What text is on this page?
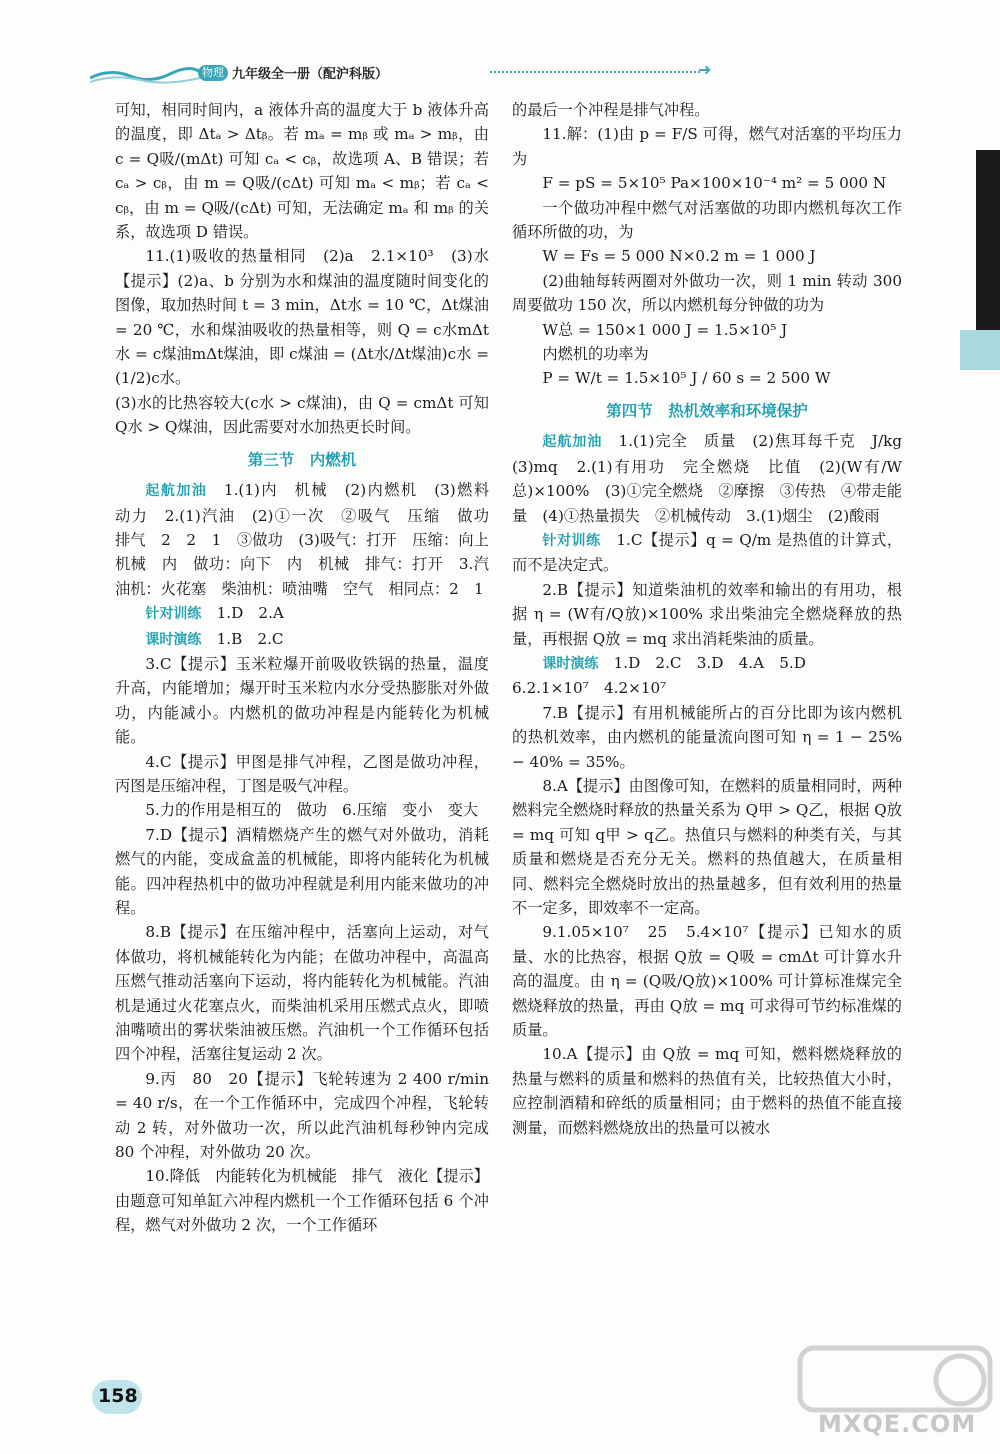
物理 九年级全一册（配沪科版）	➜

可知，相同时间内，a 液体升高的温度大于 b 液体升高的温度，即 Δtₐ > Δtᵦ。若 mₐ = mᵦ 或 mₐ > mᵦ，由 c = Q吸/(mΔt) 可知 cₐ < cᵦ，故选项 A、B 错误；若 cₐ > cᵦ，由 m = Q吸/(cΔt) 可知 mₐ < mᵦ；若 cₐ < cᵦ，由 m = Q吸/(cΔt) 可知，无法确定 mₐ 和 mᵦ 的关系，故选项 D 错误。

11.(1)吸收的热量相同　(2)a　2.1×10³　(3)水【提示】(2)a、b 分别为水和煤油的温度随时间变化的图像，取加热时间 t = 3 min，Δt水 = 10 ℃，Δt煤油 = 20 ℃，水和煤油吸收的热量相等，则 Q = c水mΔt水 = c煤油mΔt煤油，即 c煤油 = (Δt水/Δt煤油)c水 = (1/2)c水。

(3)水的比热容较大(c水 > c煤油)，由 Q = cmΔt 可知 Q水 > Q煤油，因此需要对水加热更长时间。

第三节　内燃机

起航加油　 1.(1)内　机械　(2)内燃机　(3)燃料　动力　2.(1)汽油　(2)①一次　②吸气　压缩　做功　排气　2　2　1　③做功　(3)吸气：打开　压缩：向上　机械　内　做功：向下　内　机械　排气：打开　3.汽油机：火花塞　柴油机：喷油嘴　空气　相同点：2　1

针对训练　 1.D　2.A

课时演练　 1.B　2.C

3.C【提示】玉米粒爆开前吸收铁锅的热量，温度升高，内能增加；爆开时玉米粒内水分受热膨胀对外做功，内能减小。内燃机的做功冲程是内能转化为机械能。

4.C【提示】甲图是排气冲程，乙图是做功冲程，丙图是压缩冲程，丁图是吸气冲程。

5.力的作用是相互的　做功　6.压缩　变小　变大

7.D【提示】酒精燃烧产生的燃气对外做功，消耗燃气的内能，变成盒盖的机械能，即将内能转化为机械能。四冲程热机中的做功冲程就是利用内能来做功的冲程。

8.B【提示】在压缩冲程中，活塞向上运动，对气体做功，将机械能转化为内能；在做功冲程中，高温高压燃气推动活塞向下运动，将内能转化为机械能。汽油机是通过火花塞点火，而柴油机采用压燃式点火，即喷油嘴喷出的雾状柴油被压燃。汽油机一个工作循环包括四个冲程，活塞往复运动 2 次。

9.丙　80　20【提示】飞轮转速为 2 400 r/min = 40 r/s，在一个工作循环中，完成四个冲程，飞轮转动 2 转，对外做功一次，所以此汽油机每秒钟内完成 80 个冲程，对外做功 20 次。

10.降低　内能转化为机械能　排气　液化【提示】由题意可知单缸六冲程内燃机一个工作循环包括 6 个冲程，燃气对外做功 2 次，一个工作循环

的最后一个冲程是排气冲程。

11.解：(1)由 p = F/S 可得，燃气对活塞的平均压力为

F = pS = 5×10⁵ Pa×100×10⁻⁴ m² = 5 000 N

一个做功冲程中燃气对活塞做的功即内燃机每次工作循环所做的功，为

W = Fs = 5 000 N×0.2 m = 1 000 J

(2)曲轴每转两圈对外做功一次，则 1 min 转动 300 周要做功 150 次，所以内燃机每分钟做的功为

W总 = 150×1 000 J = 1.5×10⁵ J

内燃机的功率为

P = W/t = 1.5×10⁵ J / 60 s = 2 500 W

第四节　热机效率和环境保护

起航加油　 1.(1)完全　质量　(2)焦耳每千克　J/kg　(3)mq　2.(1)有用功　完全燃烧　比值　(2)(W有/W总)×100%　(3)①完全燃烧　②摩擦　③传热　④带走能量　(4)①热量损失　②机械传动　3.(1)烟尘　(2)酸雨

针对训练　 1.C【提示】q = Q/m 是热值的计算式，而不是决定式。

2.B【提示】知道柴油机的效率和输出的有用功，根据 η = (W有/Q放)×100% 求出柴油完全燃烧释放的热量，再根据 Q放 = mq 求出消耗柴油的质量。

课时演练　 1.D　2.C　3.D　4.A　5.D

6.2.1×10⁷　4.2×10⁷

7.B【提示】有用机械能所占的百分比即为该内燃机的热机效率，由内燃机的能量流向图可知 η = 1 − 25% − 40% = 35%。

8.A【提示】由图像可知，在燃料的质量相同时，两种燃料完全燃烧时释放的热量关系为 Q甲 > Q乙，根据 Q放 = mq 可知 q甲 > q乙。热值只与燃料的种类有关，与其质量和燃烧是否充分无关。燃料的热值越大，在质量相同、燃料完全燃烧时放出的热量越多，但有效利用的热量不一定多，即效率不一定高。

9.1.05×10⁷　25　5.4×10⁷【提示】已知水的质量、水的比热容，根据 Q放 = Q吸 = cmΔt 可计算水升高的温度。由 η = (Q吸/Q放)×100% 可计算标准煤完全燃烧释放的热量，再由 Q放 = mq 可求得可节约标准煤的质量。

10.A【提示】由 Q放 = mq 可知，燃料燃烧释放的热量与燃料的质量和燃料的热值有关，比较热值大小时，应控制酒精和碎纸的质量相同；由于燃料的热值不能直接测量，而燃料燃烧放出的热量可以被水

158
MXQE.COM
